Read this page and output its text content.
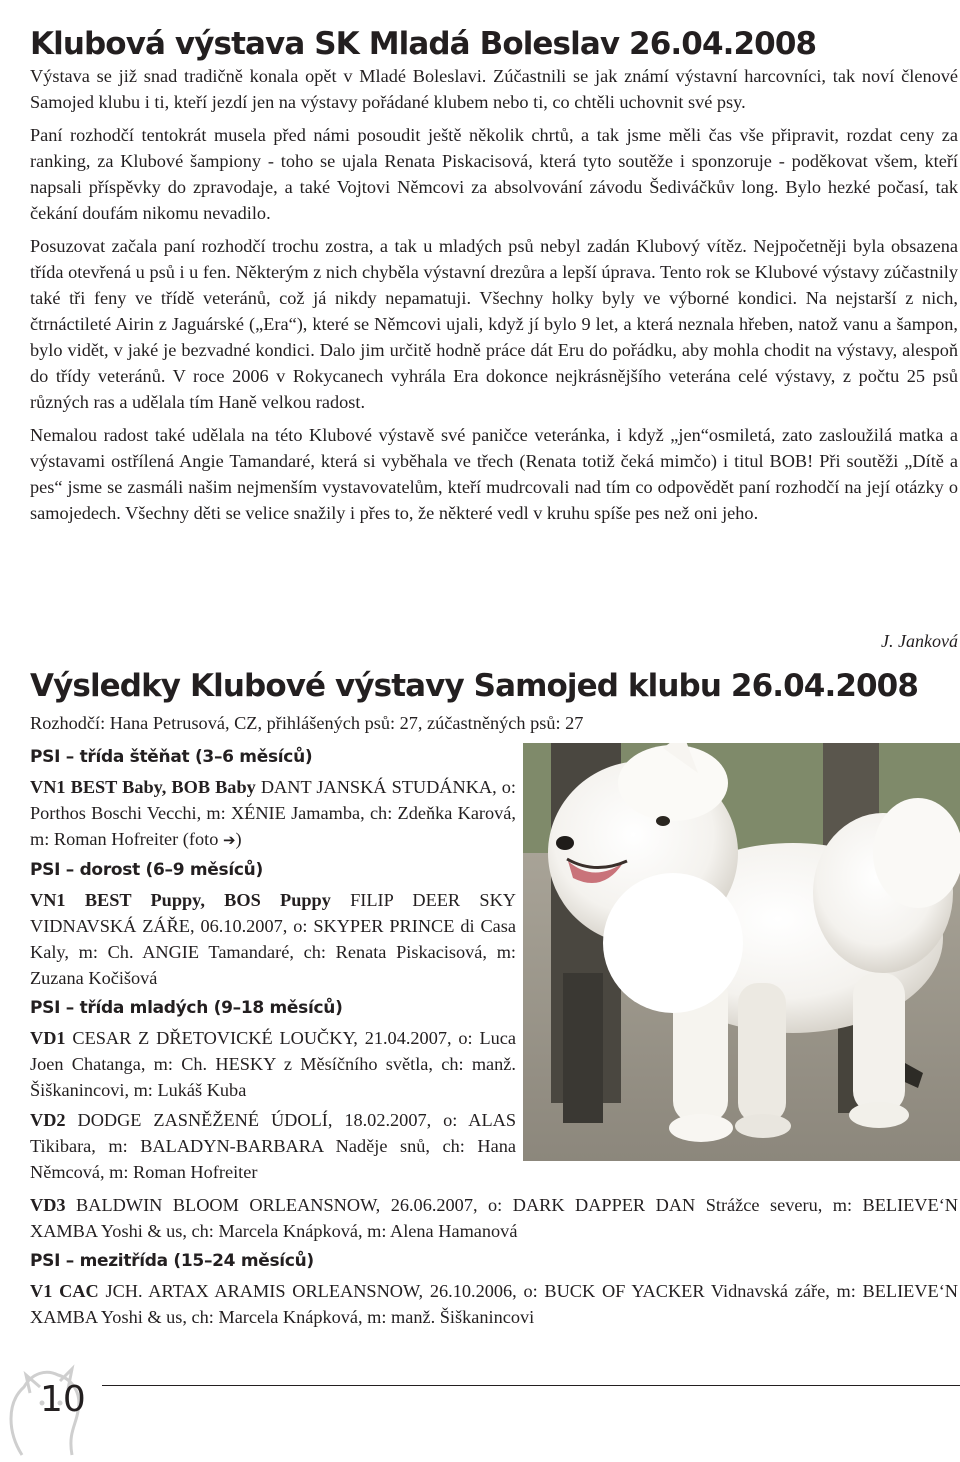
Klubová výstava SK Mladá Boleslav 26.04.2008

Výstava se již snad tradičně konala opět v Mladé Boleslavi. Zúčastnili se jak známí výstavní harcovníci, tak noví členové Samojed klubu i ti, kteří jezdí jen na výstavy pořádané klubem nebo ti, co chtěli uchovnit své psy.

Paní rozhodčí tentokrát musela před námi posoudit ještě několik chrtů, a tak jsme měli čas vše připravit, rozdat ceny za ranking, za Klubové šampiony - toho se ujala Renata Piskacisová, která tyto soutěže i sponzoruje - poděkovat všem, kteří napsali příspěvky do zpravodaje, a také Vojtovi Němcovi za absolvování závodu Šediváčkův long. Bylo hezké počasí, tak čekání doufám nikomu nevadilo.

Posuzovat začala paní rozhodčí trochu zostra, a tak u mladých psů nebyl zadán Klubový vítěz. Nejpočetněji byla obsazena třída otevřená u psů i u fen. Některým z nich chyběla výstavní drezůra a lepší úprava. Tento rok se Klubové výstavy zúčastnily také tři feny ve třídě veteránů, což já nikdy nepamatuji. Všechny holky byly ve výborné kondici. Na nejstarší z nich, čtrnáctileté Airin z Jaguárské („Era“), které se Němcovi ujali, když jí bylo 9 let, a která neznala hřeben, natož vanu a šampon, bylo vidět, v jaké je bezvadné kondici. Dalo jim určitě hodně práce dát Eru do pořádku, aby mohla chodit na výstavy, alespoň do třídy veteránů. V roce 2006 v Rokycanech vyhrála Era dokonce nejkrásnějšího veterána celé výstavy, z počtu 25 psů různých ras a udělala tím Haně velkou radost.

Nemalou radost také udělala na této Klubové výstavě své paničce veteránka, i když „jen“osmiletá, zato zasloužilá matka a výstavami ostřílená Angie Tamandaré, která si vyběhala ve třech (Renata totiž čeká mimčo) i titul BOB! Při soutěži „Dítě a pes“ jsme se zasmáli našim nejmenším vystavovatelům, kteří mudrcovali nad tím co odpovědět paní rozhodčí na její otázky o samojedech. Všechny děti se velice snažily i přes to, že některé vedl v kruhu spíše pes než oni jeho.

J. Janková
Výsledky Klubové výstavy Samojed klubu 26.04.2008
Rozhodčí: Hana Petrusová, CZ, přihlášených psů: 27, zúčastněných psů: 27
PSI – třída štěňat (3–6 měsíců)
VN1 BEST Baby, BOB Baby DANT JANSKÁ STUDÁNKA, o: Porthos Boschi Vecchi, m: XÉNIE Jamamba, ch: Zdeňka Karová, m: Roman Hofreiter (foto ➔)
PSI – dorost (6–9 měsíců)
VN1 BEST Puppy, BOS Puppy FILIP DEER SKY VIDNAVSKÁ ZÁŘE, 06.10.2007, o: SKYPER PRINCE di Casa Kaly, m: Ch. ANGIE Tamandaré, ch: Renata Piskacisová, m: Zuzana Kočišová
PSI – třída mladých (9–18 měsíců)
VD1 CESAR Z DŘETOVICKÉ LOUČKY, 21.04.2007, o: Luca Joen Chatanga, m: Ch. HESKY z Měsíčního světla, ch: manž. Šiškanincovi, m: Lukáš Kuba
VD2 DODGE ZASNĚŽENÉ ÚDOLÍ, 18.02.2007, o: ALAS Tikibara, m: BALADYN-BARBARA Naděje snů, ch: Hana Němcová, m: Roman Hofreiter
VD3 BALDWIN BLOOM ORLEANSNOW, 26.06.2007, o: DARK DAPPER DAN Strážce severu, m: BELIEVE‘N XAMBA Yoshi & us, ch: Marcela Knápková, m: Alena Hamanová
PSI – mezitřída (15–24 měsíců)
V1 CAC JCH. ARTAX ARAMIS ORLEANSNOW, 26.10.2006, o: BUCK OF YACKER Vidnavská záře, m: BELIEVE‘N XAMBA Yoshi & us, ch: Marcela Knápková, m: manž. Šiškanincovi
10
